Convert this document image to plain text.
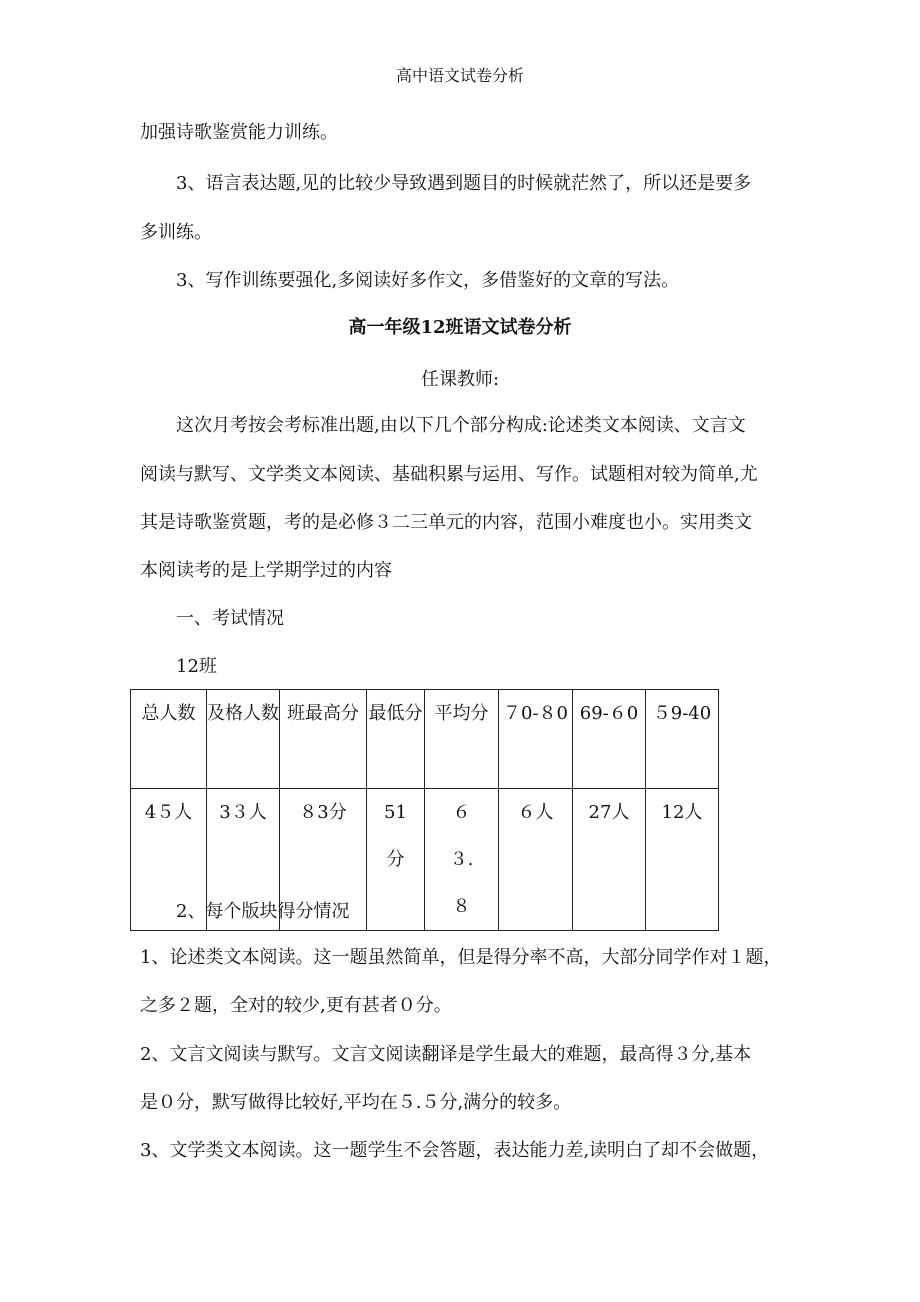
高中语文试卷分析
加强诗歌鉴赏能力训练。
3、语言表达题,见的比较少导致遇到题目的时候就茫然了，所以还是要多
多训练。
3、写作训练要强化,多阅读好多作文，多借鉴好的文章的写法。
高一年级12班语文试卷分析
任课教师:
这次月考按会考标准出题,由以下几个部分构成:论述类文本阅读、文言文
阅读与默写、文学类文本阅读、基础积累与运用、写作。试题相对较为简单,尤
其是诗歌鉴赏题，考的是必修３二三单元的内容，范围小难度也小。实用类文
本阅读考的是上学期学过的内容
一、考试情况
12班
总人数	及格人数	班最高分	最低分	平均分	７0-８0	69-６0	５9-40
4５人	3３人	８3分	51分	６３.８	６人	27人	12人
2、每个版块得分情况
1、论述类文本阅读。这一题虽然简单，但是得分率不高，大部分同学作对１题，
之多２题，全对的较少,更有甚者０分。
2、文言文阅读与默写。文言文阅读翻译是学生最大的难题，最高得３分,基本
是０分，默写做得比较好,平均在５.５分,满分的较多。
3、文学类文本阅读。这一题学生不会答题，表达能力差,读明白了却不会做题，
